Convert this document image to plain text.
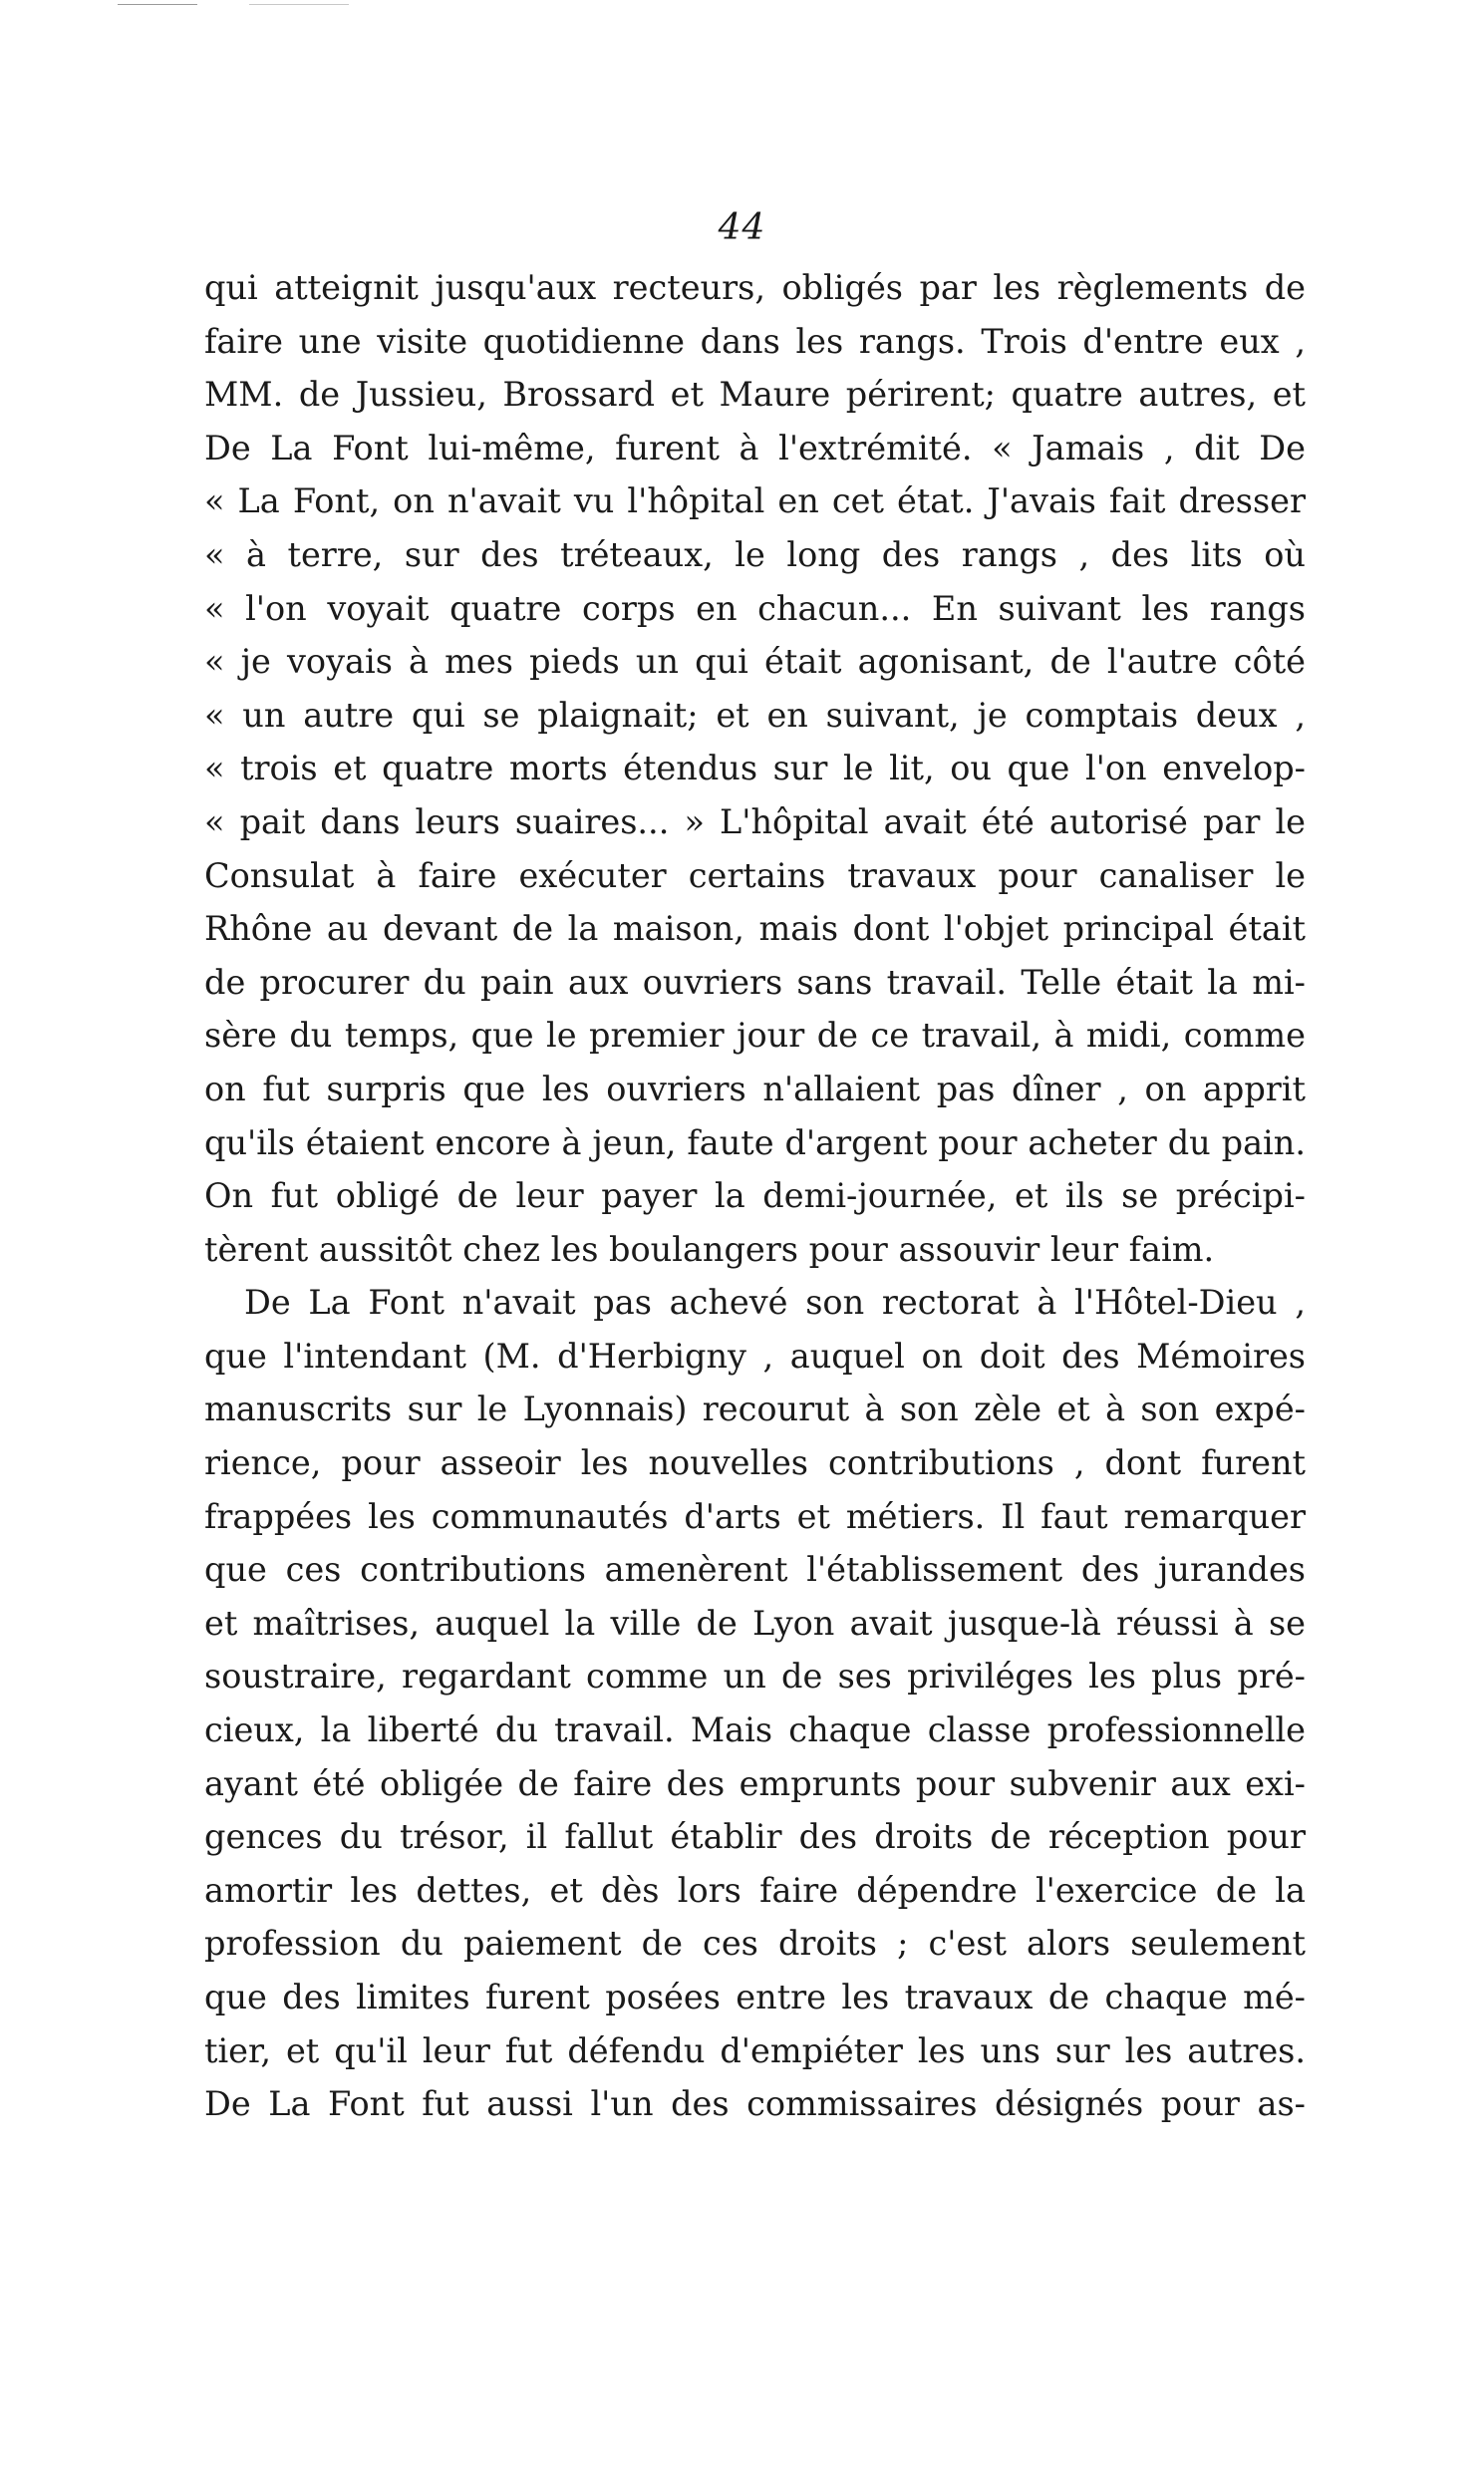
44
qui atteignit jusqu'aux recteurs, obligés par les règlements de
faire une visite quotidienne dans les rangs. Trois d'entre eux ,
MM. de Jussieu, Brossard et Maure périrent; quatre autres, et
De La Font lui-même, furent à l'extrémité. « Jamais , dit De
« La Font, on n'avait vu l'hôpital en cet état. J'avais fait dresser
« à terre, sur des tréteaux, le long des rangs , des lits où
« l'on voyait quatre corps en chacun... En suivant les rangs
« je voyais à mes pieds un qui était agonisant, de l'autre côté
« un autre qui se plaignait; et en suivant, je comptais deux ,
« trois et quatre morts étendus sur le lit, ou que l'on envelop-
« pait dans leurs suaires... » L'hôpital avait été autorisé par le
Consulat à faire exécuter certains travaux pour canaliser le
Rhône au devant de la maison, mais dont l'objet principal était
de procurer du pain aux ouvriers sans travail. Telle était la mi-
sère du temps, que le premier jour de ce travail, à midi, comme
on fut surpris que les ouvriers n'allaient pas dîner , on apprit
qu'ils étaient encore à jeun, faute d'argent pour acheter du pain.
On fut obligé de leur payer la demi-journée, et ils se précipi-
tèrent aussitôt chez les boulangers pour assouvir leur faim.
De La Font n'avait pas achevé son rectorat à l'Hôtel-Dieu ,
que l'intendant (M. d'Herbigny , auquel on doit des Mémoires
manuscrits sur le Lyonnais) recourut à son zèle et à son expé-
rience, pour asseoir les nouvelles contributions , dont furent
frappées les communautés d'arts et métiers. Il faut remarquer
que ces contributions amenèrent l'établissement des jurandes
et maîtrises, auquel la ville de Lyon avait jusque-là réussi à se
soustraire, regardant comme un de ses priviléges les plus pré-
cieux, la liberté du travail. Mais chaque classe professionnelle
ayant été obligée de faire des emprunts pour subvenir aux exi-
gences du trésor, il fallut établir des droits de réception pour
amortir les dettes, et dès lors faire dépendre l'exercice de la
profession du paiement de ces droits ; c'est alors seulement
que des limites furent posées entre les travaux de chaque mé-
tier, et qu'il leur fut défendu d'empiéter les uns sur les autres.
De La Font fut aussi l'un des commissaires désignés pour as-
